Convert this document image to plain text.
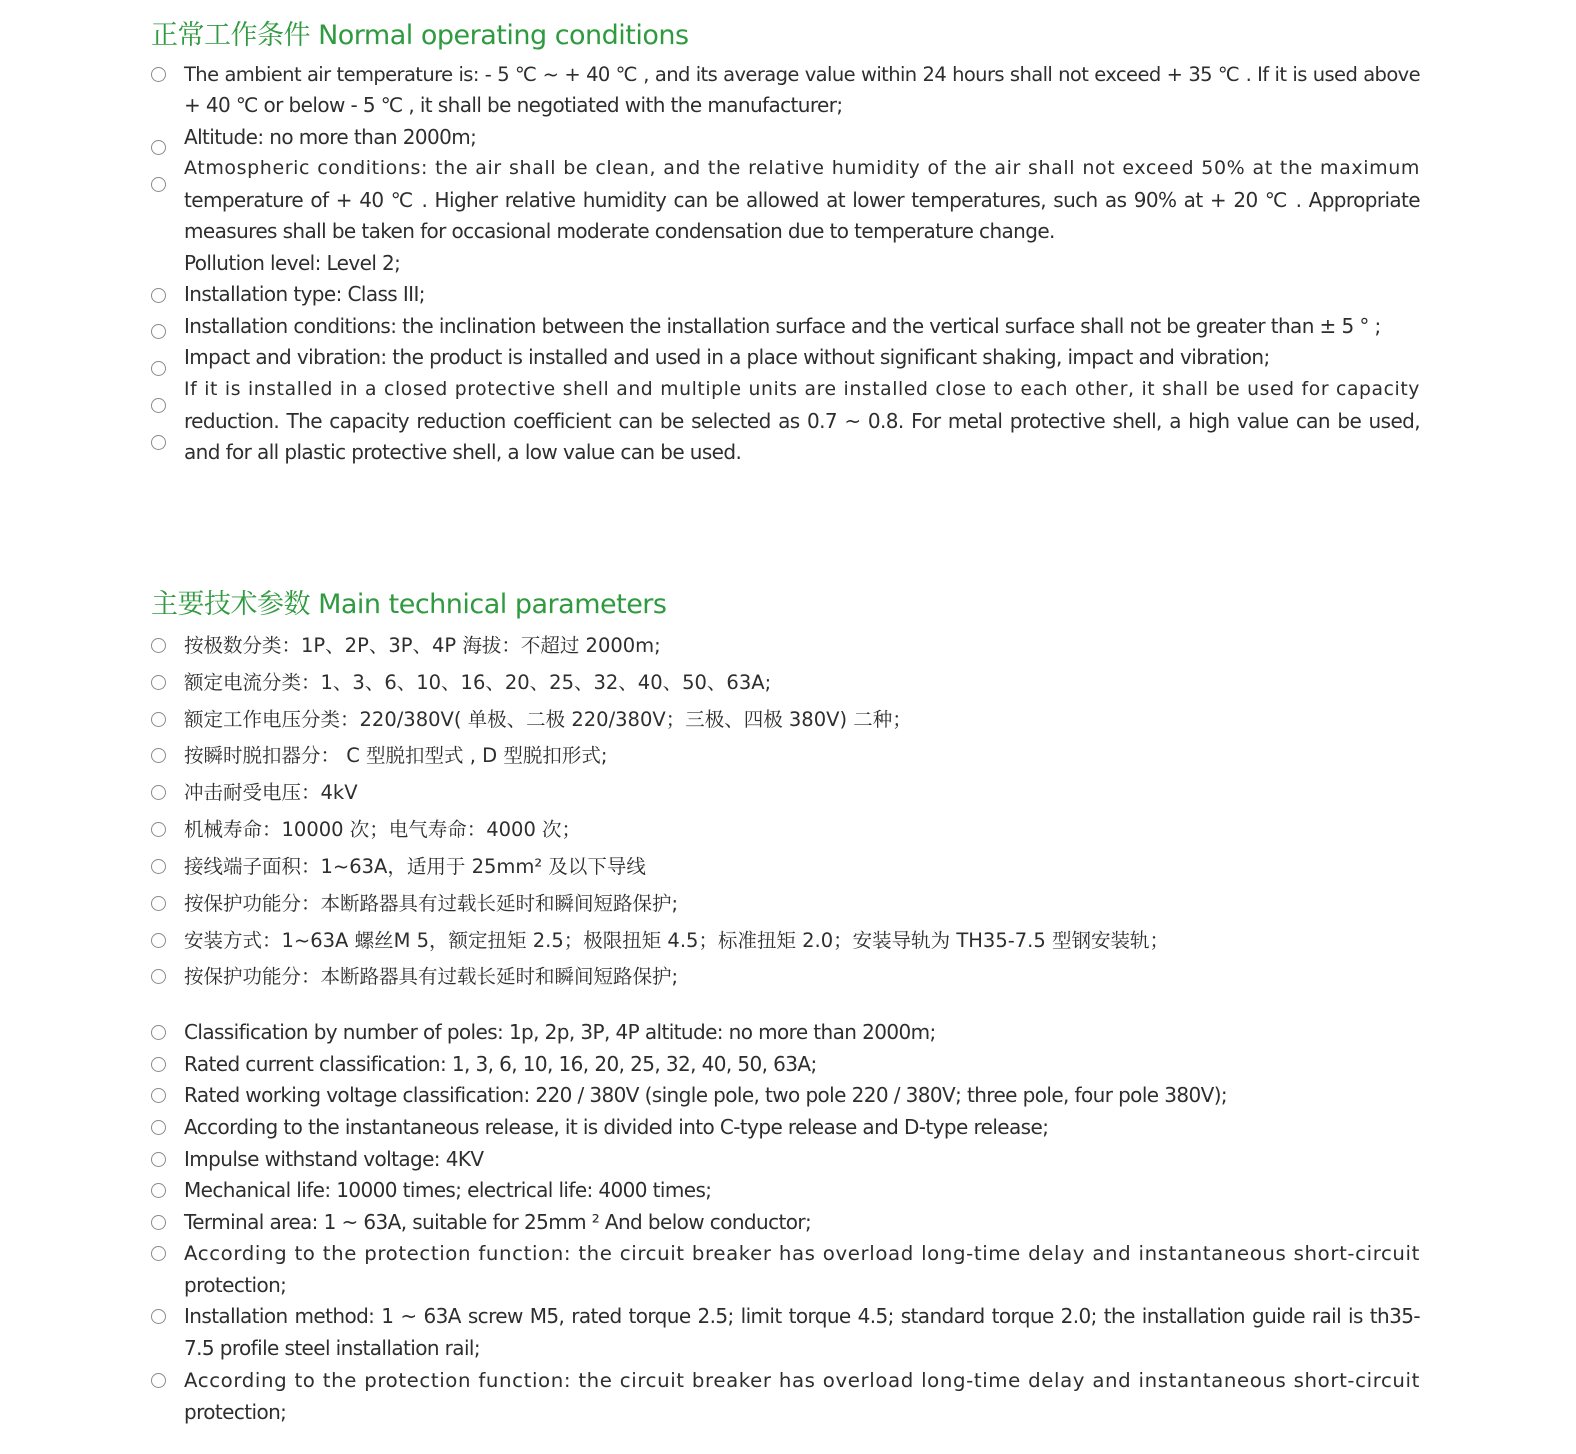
正常工作条件 Normal operating conditions
The ambient air temperature is: - 5 ℃ ~ + 40 ℃ , and its average value within 24 hours shall not exceed + 35 ℃ . If it is used above
+ 40 ℃ or below - 5 ℃ , it shall be negotiated with the manufacturer;
Altitude: no more than 2000m;
Atmospheric conditions: the air shall be clean, and the relative humidity of the air shall not exceed 50% at the maximum
temperature of + 40 ℃ . Higher relative humidity can be allowed at lower temperatures, such as 90% at + 20 ℃ . Appropriate
measures shall be taken for occasional moderate condensation due to temperature change.
Pollution level: Level 2;
Installation type: Class III;
Installation conditions: the inclination between the installation surface and the vertical surface shall not be greater than ± 5 ° ;
Impact and vibration: the product is installed and used in a place without significant shaking, impact and vibration;
If it is installed in a closed protective shell and multiple units are installed close to each other, it shall be used for capacity
reduction. The capacity reduction coefficient can be selected as 0.7 ~ 0.8. For metal protective shell, a high value can be used,
and for all plastic protective shell, a low value can be used.
主要技术参数 Main technical parameters
按极数分类：1P、2P、3P、4P 海拔：不超过 2000m;
额定电流分类：1、3、6、10、16、20、25、32、40、50、63A;
额定工作电压分类：220/380V( 单极、二极 220/380V；三极、四极 380V) 二种；
按瞬时脱扣器分： C 型脱扣型式 , D 型脱扣形式;
冲击耐受电压：4kV
机械寿命：10000 次；电气寿命：4000 次；
接线端子面积：1~63A，适用于 25mm² 及以下导线
按保护功能分：本断路器具有过载长延时和瞬间短路保护;
安装方式：1~63A 螺丝M 5，额定扭矩 2.5；极限扭矩 4.5；标准扭矩 2.0；安装导轨为 TH35-7.5 型钢安装轨；
按保护功能分：本断路器具有过载长延时和瞬间短路保护;
Classification by number of poles: 1p, 2p, 3P, 4P altitude: no more than 2000m;
Rated current classification: 1, 3, 6, 10, 16, 20, 25, 32, 40, 50, 63A;
Rated working voltage classification: 220 / 380V (single pole, two pole 220 / 380V; three pole, four pole 380V);
According to the instantaneous release, it is divided into C-type release and D-type release;
Impulse withstand voltage: 4KV
Mechanical life: 10000 times; electrical life: 4000 times;
Terminal area: 1 ~ 63A, suitable for 25mm ² And below conductor;
According to the protection function: the circuit breaker has overload long-time delay and instantaneous short-circuit
protection;
Installation method: 1 ~ 63A screw M5, rated torque 2.5; limit torque 4.5; standard torque 2.0; the installation guide rail is th35-
7.5 profile steel installation rail;
According to the protection function: the circuit breaker has overload long-time delay and instantaneous short-circuit
protection;
